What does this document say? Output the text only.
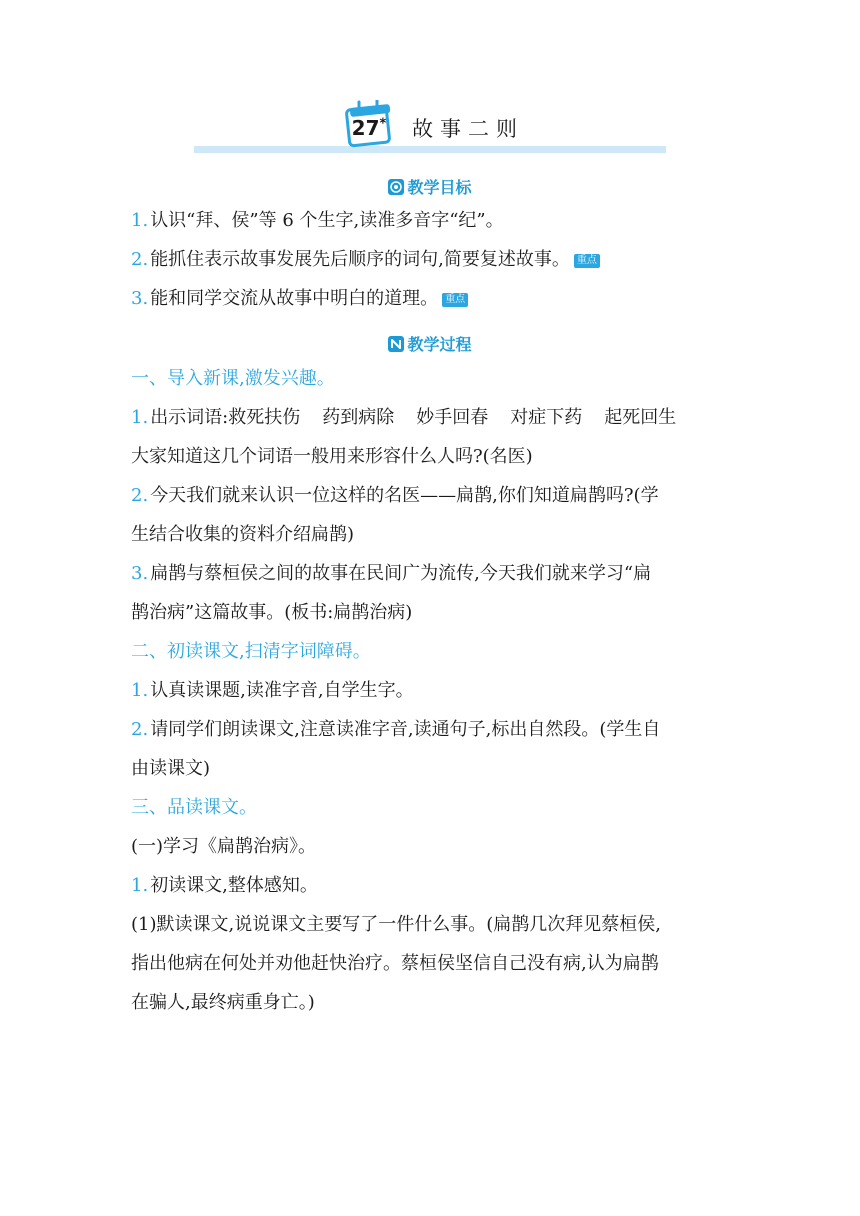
27* 故事二则
教学目标
1. 认识“拜、侯”等 6 个生字,读准多音字“纪”。
2. 能抓住表示故事发展先后顺序的词句,简要复述故事。 重点
3. 能和同学交流从故事中明白的道理。 重点
教学过程
一、导入新课,激发兴趣。
1. 出示词语:救死扶伤 药到病除 妙手回春 对症下药 起死回生
大家知道这几个词语一般用来形容什么人吗?(名医)
2. 今天我们就来认识一位这样的名医——扁鹊,你们知道扁鹊吗?(学
生结合收集的资料介绍扁鹊)
3. 扁鹊与蔡桓侯之间的故事在民间广为流传,今天我们就来学习“扁
鹊治病”这篇故事。(板书:扁鹊治病)
二、初读课文,扫清字词障碍。
1. 认真读课题,读准字音,自学生字。
2. 请同学们朗读课文,注意读准字音,读通句子,标出自然段。(学生自
由读课文)
三、品读课文。
(一)学习《扁鹊治病》。
1. 初读课文,整体感知。
(1)默读课文,说说课文主要写了一件什么事。(扁鹊几次拜见蔡桓侯,
指出他病在何处并劝他赶快治疗。蔡桓侯坚信自己没有病,认为扁鹊
在骗人,最终病重身亡。)
